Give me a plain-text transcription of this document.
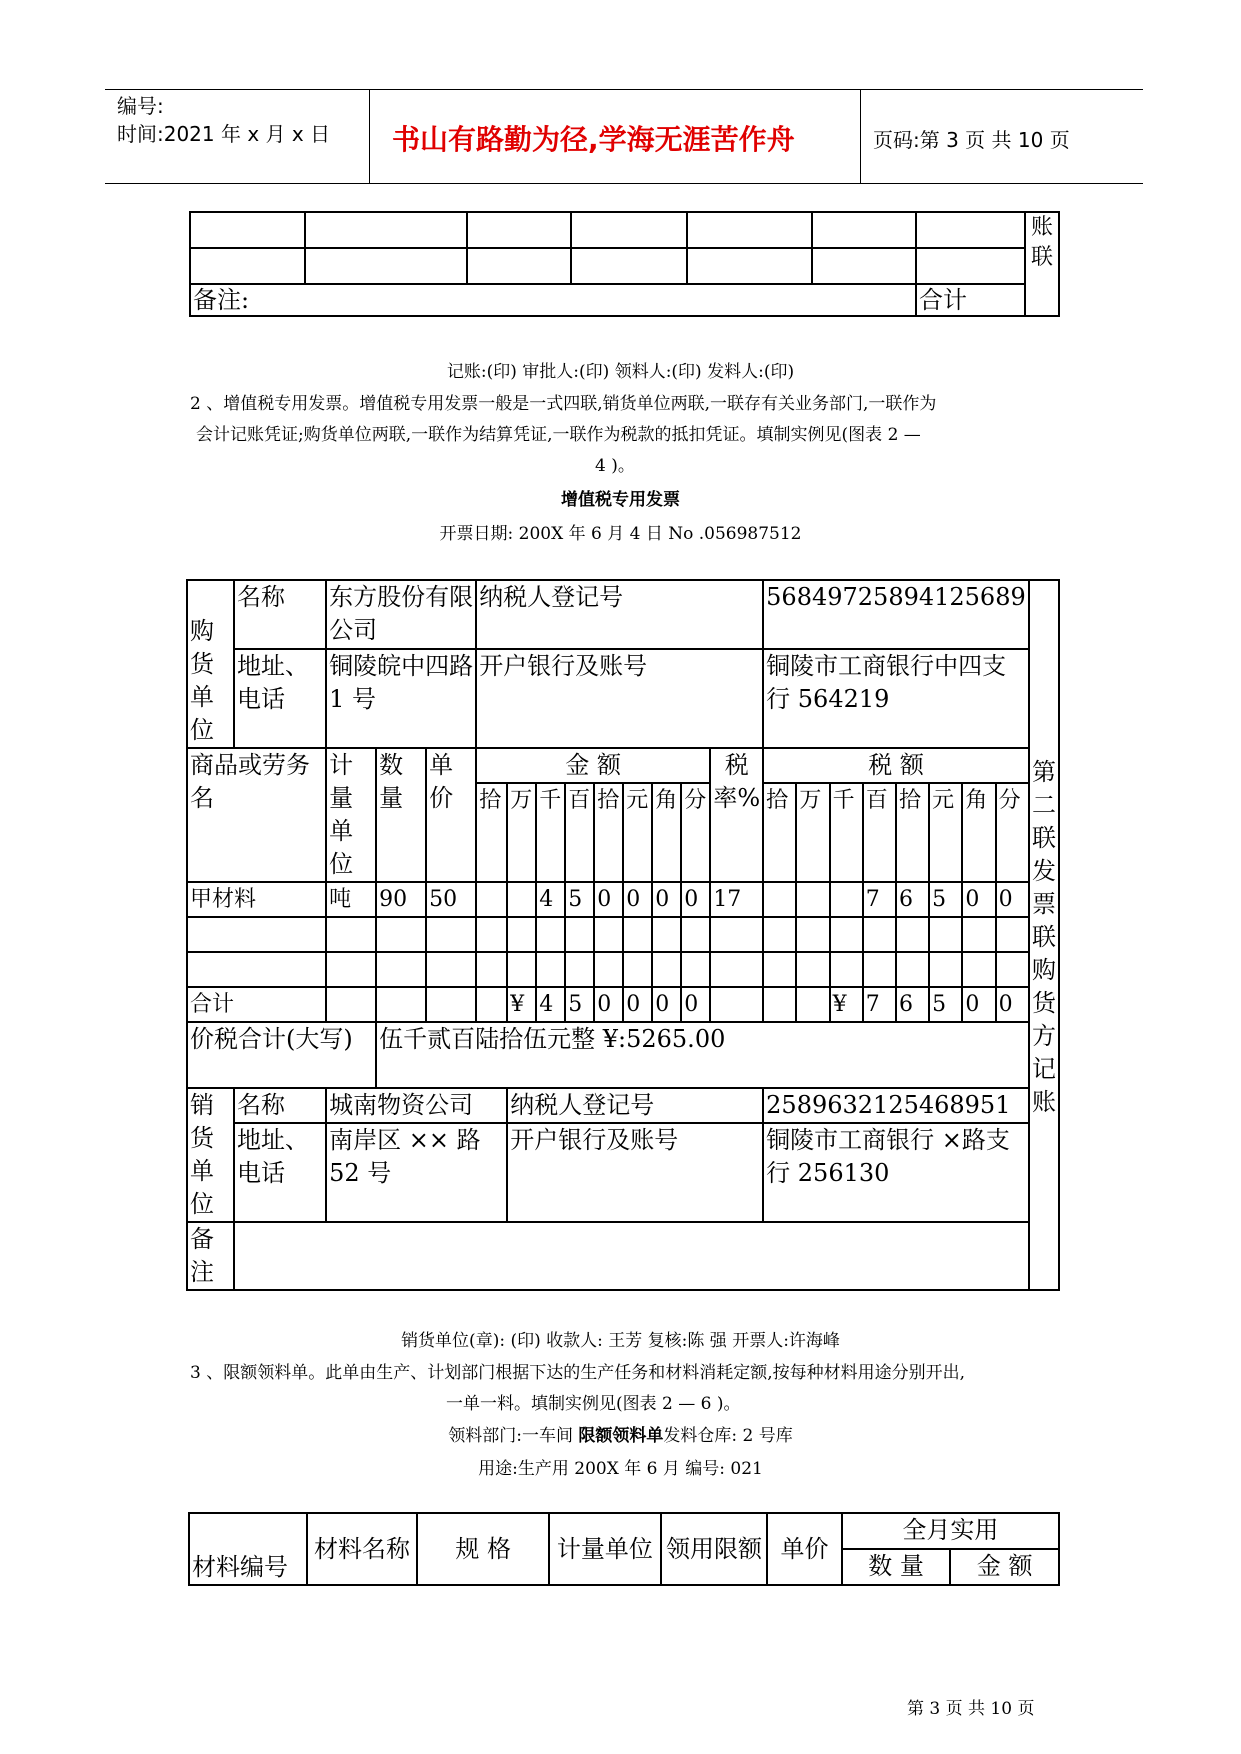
编号:
时间:2021 年 x 月 x 日 书山有路勤为径,学海无涯苦作舟	页码:第 3 页 共 10 页
							账联

备注:						合计	
记账:(印) 审批人:(印) 领料人:(印) 发料人:(印)
2 、增值税专用发票。增值税专用发票一般是一式四联,销货单位两联,一联存有关业务部门,一联作为
会计记账凭证;购货单位两联,一联作为结算凭证,一联作为税款的抵扣凭证。填制实例见(图表 2 —
4 )。
增值税专用发票
开票日期: 200X 年 6 月 4 日 No .056987512
购货单位	名称	东方股份有限公司			纳税人登记号									56849725894125689								第二联发票联购货方记账
	地址、电话	铜陵皖中四路 1 号			开户银行及账号									铜陵市工商银行中四支行 564219								
商品或劳务名		计量单位	数量	单价	金 额								税率%	税 额								
					拾	万	千	百	拾	元	角	分		拾	万	千	百	拾	元	角	分	
甲材料		吨	90	50			4	5	0	0	0	0	17				7	6	5	0	0	

合计						¥	4	5	0	0	0	0				¥	7	6	5	0	0	
价税合计(大写)			伍千贰百陆拾伍元整 ¥:5265.00																			
销货单位	名称	城南物资公司				纳税人登记号								2589632125468951								
	地址、电话	南岸区 ×× 路 52 号				开户银行及账号								铜陵市工商银行 ×路支行 256130								
备注																						
销货单位(章): (印) 收款人: 王芳 复核:陈 强 开票人:许海峰
3 、限额领料单。此单由生产、计划部门根据下达的生产任务和材料消耗定额,按每种材料用途分别开出,
一单一料。填制实例见(图表 2 — 6 )。
领料部门:一车间 限额领料单发料仓库: 2 号库
用途:生产用 200X 年 6 月 编号: 021
材料编号	材料名称	规 格	计量单位	领用限额	单价	全月实用	
						数 量	金 额
第 3 页 共 10 页
